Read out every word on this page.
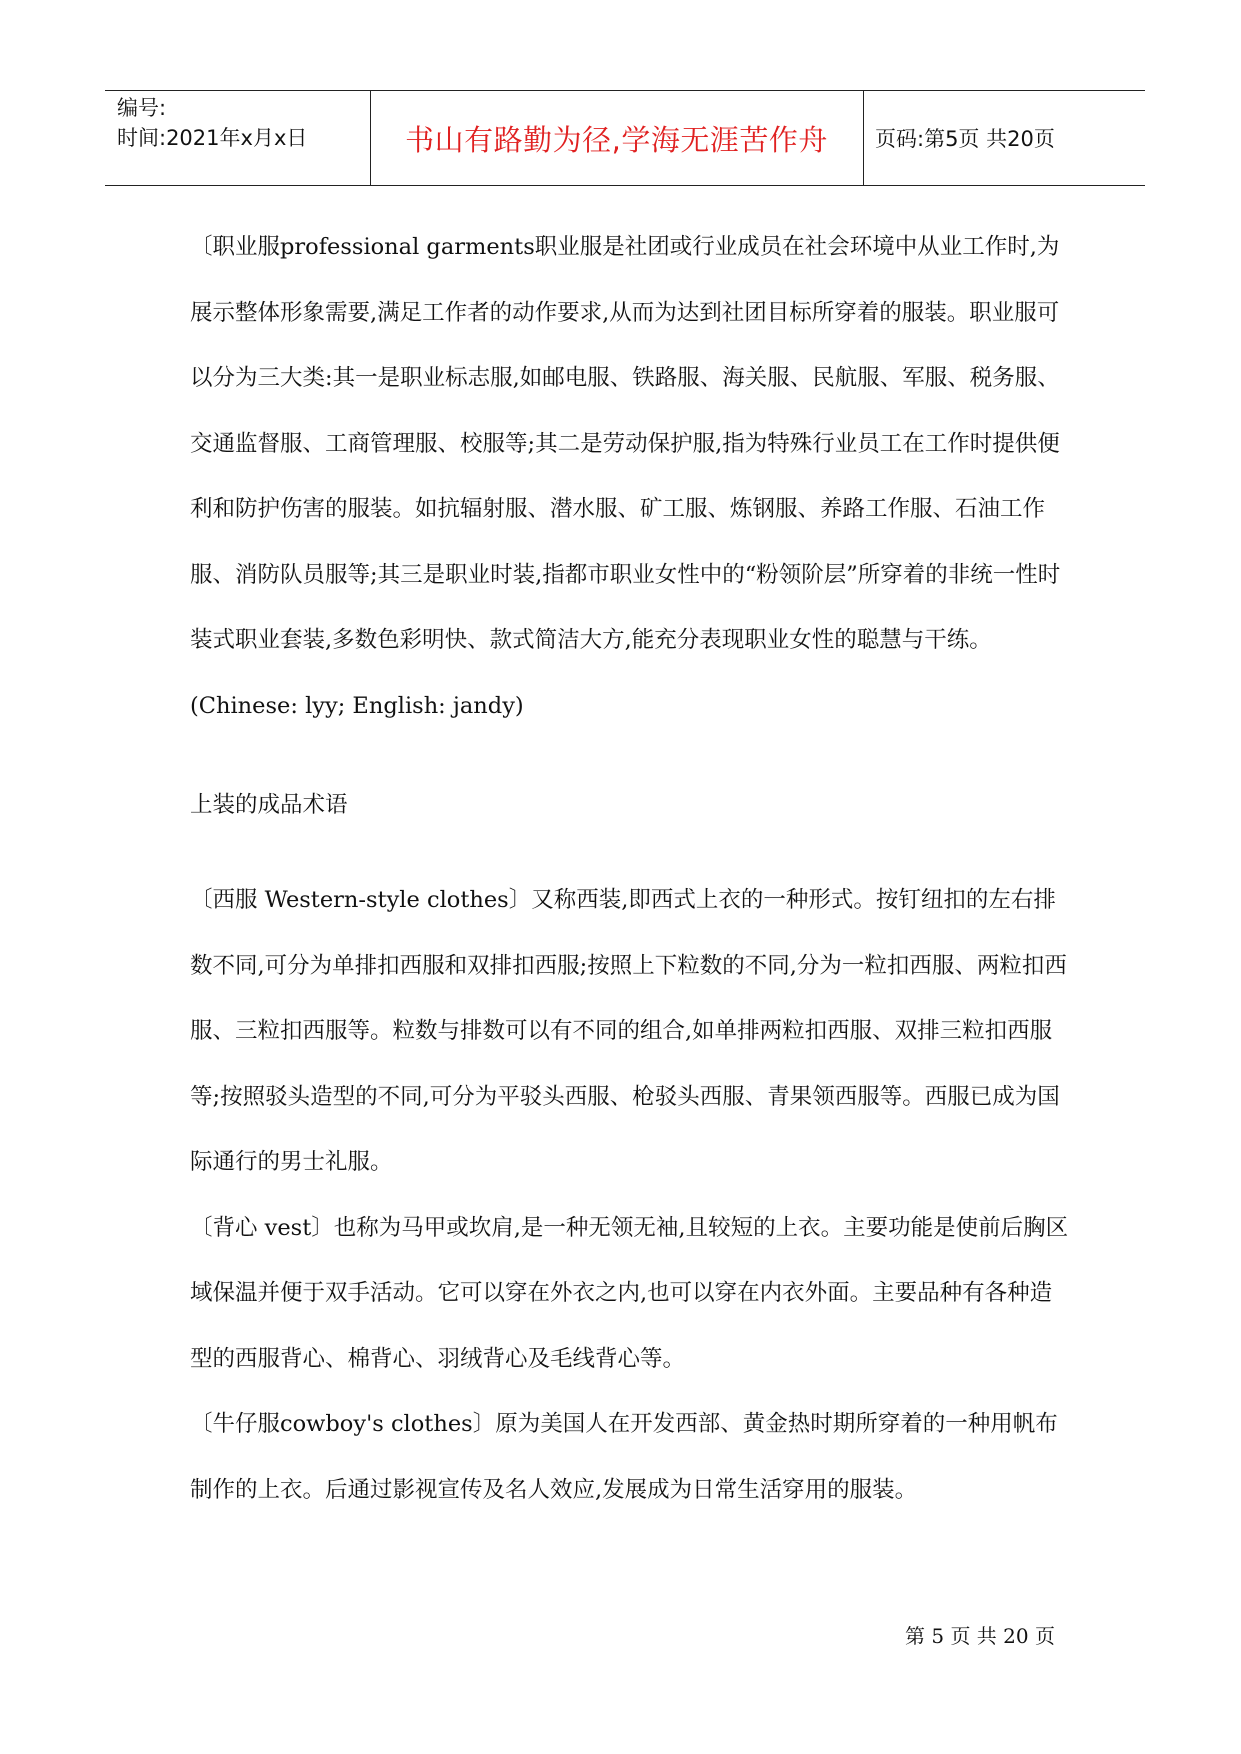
编号:
时间:2021年x月x日	书山有路勤为径,学海无涯苦作舟	页码:第5页 共20页

〔职业服professional garments职业服是社团或行业成员在社会环境中从业工作时,为展示整体形象需要,满足工作者的动作要求,从而为达到社团目标所穿着的服装。职业服可以分为三大类:其一是职业标志服,如邮电服、铁路服、海关服、民航服、军服、税务服、交通监督服、工商管理服、校服等;其二是劳动保护服,指为特殊行业员工在工作时提供便利和防护伤害的服装。如抗辐射服、潜水服、矿工服、炼钢服、养路工作服、石油工作服、消防队员服等;其三是职业时装,指都市职业女性中的“粉领阶层”所穿着的非统一性时装式职业套装,多数色彩明快、款式简洁大方,能充分表现职业女性的聪慧与干练。(Chinese: lyy; English: jandy)

上装的成品术语

〔西服 Western-style clothes〕又称西装,即西式上衣的一种形式。按钉纽扣的左右排数不同,可分为单排扣西服和双排扣西服;按照上下粒数的不同,分为一粒扣西服、两粒扣西服、三粒扣西服等。粒数与排数可以有不同的组合,如单排两粒扣西服、双排三粒扣西服等;按照驳头造型的不同,可分为平驳头西服、枪驳头西服、青果领西服等。西服已成为国际通行的男士礼服。

〔背心 vest〕也称为马甲或坎肩,是一种无领无袖,且较短的上衣。主要功能是使前后胸区域保温并便于双手活动。它可以穿在外衣之内,也可以穿在内衣外面。主要品种有各种造型的西服背心、棉背心、羽绒背心及毛线背心等。

〔牛仔服cowboy's clothes〕原为美国人在开发西部、黄金热时期所穿着的一种用帆布制作的上衣。后通过影视宣传及名人效应,发展成为日常生活穿用的服装。

第 5 页 共 20 页
